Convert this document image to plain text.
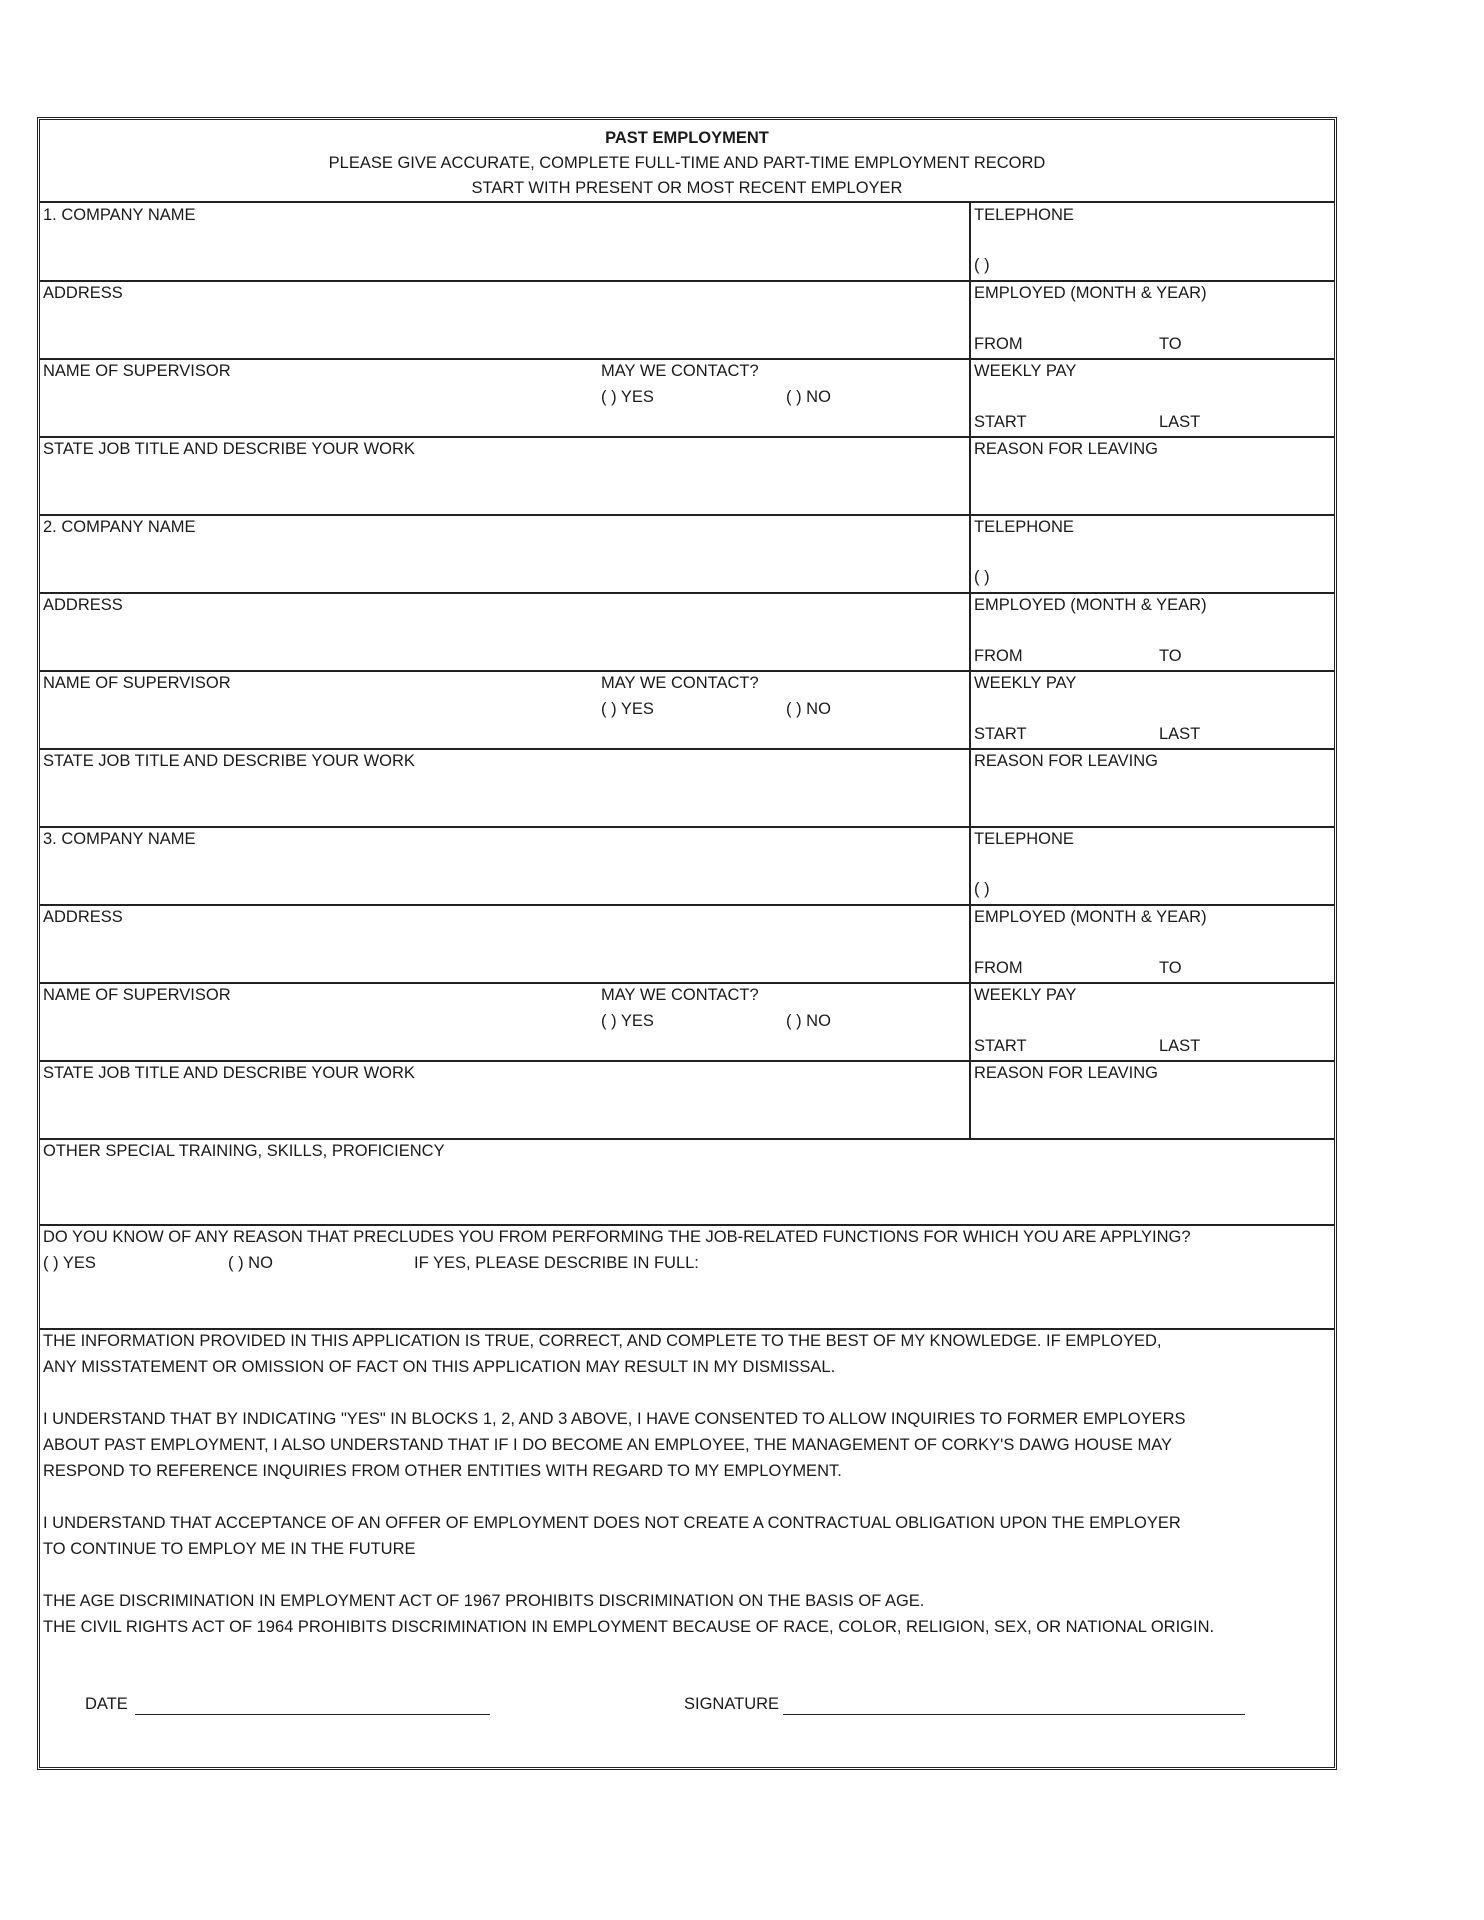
PAST EMPLOYMENT
PLEASE GIVE ACCURATE, COMPLETE FULL-TIME AND PART-TIME EMPLOYMENT RECORD
START WITH PRESENT OR MOST RECENT EMPLOYER
1. COMPANY NAME	TELEPHONE
( )
ADDRESS	EMPLOYED (MONTH & YEAR)
FROM	TO
NAME OF SUPERVISOR	MAY WE CONTACT?
( ) YES	( ) NO
WEEKLY PAY
START	LAST
STATE JOB TITLE AND DESCRIBE YOUR WORK	REASON FOR LEAVING
2. COMPANY NAME	TELEPHONE
( )
ADDRESS	EMPLOYED (MONTH & YEAR)
FROM	TO
NAME OF SUPERVISOR	MAY WE CONTACT?
( ) YES	( ) NO
WEEKLY PAY
START	LAST
STATE JOB TITLE AND DESCRIBE YOUR WORK	REASON FOR LEAVING
3. COMPANY NAME	TELEPHONE
( )
ADDRESS	EMPLOYED (MONTH & YEAR)
FROM	TO
NAME OF SUPERVISOR	MAY WE CONTACT?
( ) YES	( ) NO
WEEKLY PAY
START	LAST
STATE JOB TITLE AND DESCRIBE YOUR WORK	REASON FOR LEAVING
OTHER SPECIAL TRAINING, SKILLS, PROFICIENCY
DO YOU KNOW OF ANY REASON THAT PRECLUDES YOU FROM PERFORMING THE JOB-RELATED FUNCTIONS FOR WHICH YOU ARE APPLYING?
( ) YES	( ) NO	IF YES, PLEASE DESCRIBE IN FULL:
THE INFORMATION PROVIDED IN THIS APPLICATION IS TRUE, CORRECT, AND COMPLETE TO THE BEST OF MY KNOWLEDGE. IF EMPLOYED,
ANY MISSTATEMENT OR OMISSION OF FACT ON THIS APPLICATION MAY RESULT IN MY DISMISSAL.
I UNDERSTAND THAT BY INDICATING "YES" IN BLOCKS 1, 2, AND 3 ABOVE, I HAVE CONSENTED TO ALLOW INQUIRIES TO FORMER EMPLOYERS
ABOUT PAST EMPLOYMENT, I ALSO UNDERSTAND THAT IF I DO BECOME AN EMPLOYEE, THE MANAGEMENT OF CORKY'S DAWG HOUSE MAY
RESPOND TO REFERENCE INQUIRIES FROM OTHER ENTITIES WITH REGARD TO MY EMPLOYMENT.
I UNDERSTAND THAT ACCEPTANCE OF AN OFFER OF EMPLOYMENT DOES NOT CREATE A CONTRACTUAL OBLIGATION UPON THE EMPLOYER
TO CONTINUE TO EMPLOY ME IN THE FUTURE
THE AGE DISCRIMINATION IN EMPLOYMENT ACT OF 1967 PROHIBITS DISCRIMINATION ON THE BASIS OF AGE.
THE CIVIL RIGHTS ACT OF 1964 PROHIBITS DISCRIMINATION IN EMPLOYMENT BECAUSE OF RACE, COLOR, RELIGION, SEX, OR NATIONAL ORIGIN.
DATE	SIGNATURE
